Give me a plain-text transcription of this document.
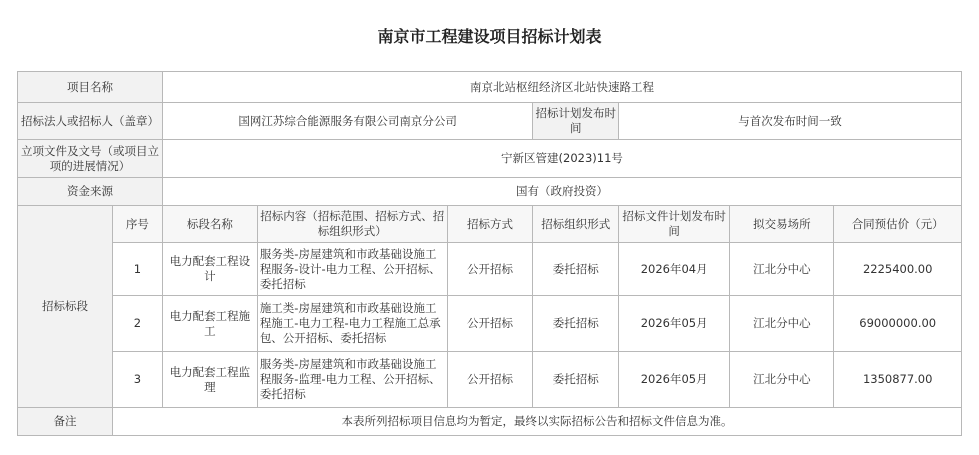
南京市工程建设项目招标计划表
项目名称		南京北站枢纽经济区北站快速路工程						
招标法人或招标人（盖章）		国网江苏综合能源服务有限公司南京分公司			招标计划发布时间	与首次发布时间一致		
立项文件及文号（或项目立项的进展情况）		宁新区管建(2023)11号						
资金来源		国有（政府投资）						
招标标段	序号	标段名称	招标内容（招标范围、招标方式、招标组织形式）	招标方式	招标组织形式	招标文件计划发布时间	拟交易场所	合同预估价（元）
	1	电力配套工程设计	服务类-房屋建筑和市政基础设施工程服务-设计-电力工程、公开招标、委托招标	公开招标	委托招标	2026年04月	江北分中心	2225400.00
	2	电力配套工程施工	施工类-房屋建筑和市政基础设施工程施工-电力工程-电力工程施工总承包、公开招标、委托招标	公开招标	委托招标	2026年05月	江北分中心	69000000.00
	3	电力配套工程监理	服务类-房屋建筑和市政基础设施工程服务-监理-电力工程、公开招标、委托招标	公开招标	委托招标	2026年05月	江北分中心	1350877.00
备注	本表所列招标项目信息均为暂定，最终以实际招标公告和招标文件信息为准。							
